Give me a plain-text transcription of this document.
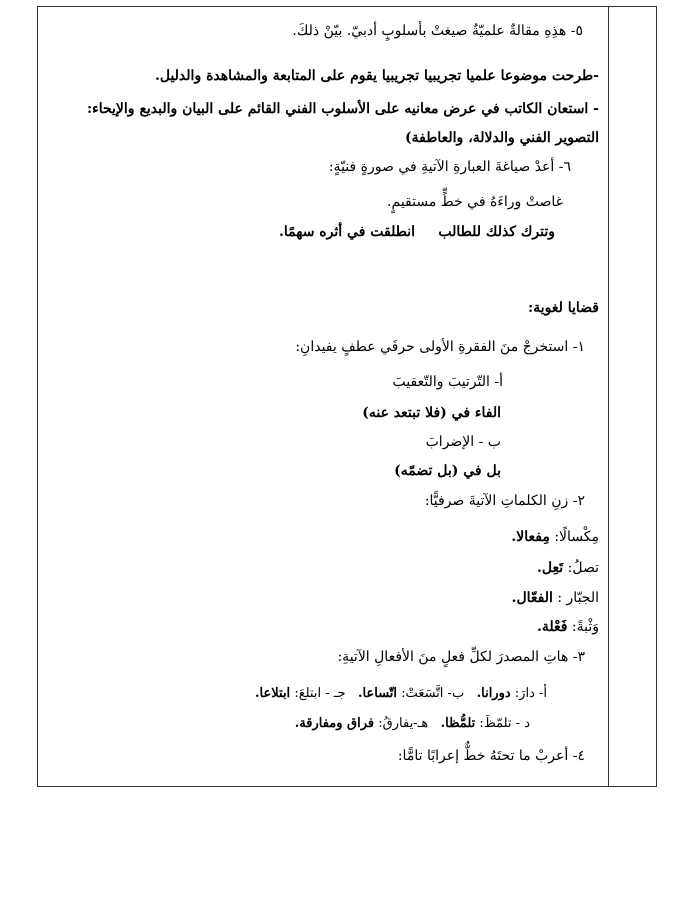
٥- هذِهِ مقالةٌ علميّةٌ صيغتْ بأسلوبٍ أدبيّ. بيّنْ ذلكَ.
-طرحت موضوعا علميا تجريبيا تجريبيا يقوم على المتابعة والمشاهدة والدليل.
- استعان الكاتب في عرض معانيه على الأسلوب الفني القائم على البيان والبديع والإيحاء:
التصوير الفني والدلالة، والعاطفة)
٦- أعدْ صياغةَ العبارةِ الآتيةِ في صورةٍ فنيّةٍ:
غاصتْ وراءَهُ في خطٍّ مستقيمٍ.
انطلقت في أثره سهمًا. وتترك كذلك للطالب
قضايا لغوية:
١- استخرجْ منَ الفقرةِ الأولى حرفَي عطفٍ يفيدانِ:
أ- التّرتيبَ والتّعقيبَ
الفاء في (فلا تبتعد عنه)
ب - الإضرابَ
بل في (بل تضمّه)
٢- زنِ الكلماتِ الآتيةَ صرفيًّا:
مِكْسالًا: مِفعالا.
تصلُ: تَعِل.
الجبّار : الفعّال.
وَثْبةً: فَعْلة.
٣- هاتِ المصدرَ لكلِّ فعلٍ منَ الأفعالِ الآتيةِ:
أ- دارَ: دورانا.   ب- اتَّسَعَتْ: اتّساعا.   جـ - ابتلعَ: ابتلاعا.
د - تلمّظَ: تلمُّظا.   هـ-يفارقُ: فراق ومفارقة.
٤- أعربْ ما تحتَهُ خطٌّ إعرابًا تامًّا:
